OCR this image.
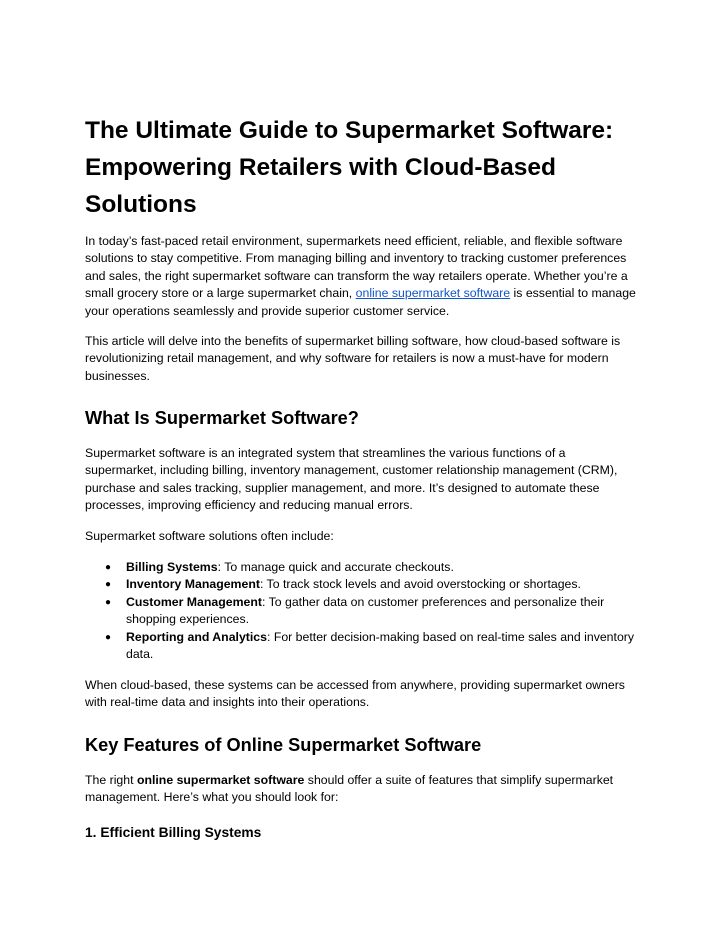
The Ultimate Guide to Supermarket Software: Empowering Retailers with Cloud-Based Solutions

In today’s fast-paced retail environment, supermarkets need efficient, reliable, and flexible software solutions to stay competitive. From managing billing and inventory to tracking customer preferences and sales, the right supermarket software can transform the way retailers operate. Whether you’re a small grocery store or a large supermarket chain, online supermarket software is essential to manage your operations seamlessly and provide superior customer service.

This article will delve into the benefits of supermarket billing software, how cloud-based software is revolutionizing retail management, and why software for retailers is now a must-have for modern businesses.

What Is Supermarket Software?

Supermarket software is an integrated system that streamlines the various functions of a supermarket, including billing, inventory management, customer relationship management (CRM), purchase and sales tracking, supplier management, and more. It’s designed to automate these processes, improving efficiency and reducing manual errors.

Supermarket software solutions often include:

● Billing Systems: To manage quick and accurate checkouts.
● Inventory Management: To track stock levels and avoid overstocking or shortages.
● Customer Management: To gather data on customer preferences and personalize their shopping experiences.
● Reporting and Analytics: For better decision-making based on real-time sales and inventory data.

When cloud-based, these systems can be accessed from anywhere, providing supermarket owners with real-time data and insights into their operations.

Key Features of Online Supermarket Software

The right online supermarket software should offer a suite of features that simplify supermarket management. Here’s what you should look for:

1. Efficient Billing Systems
